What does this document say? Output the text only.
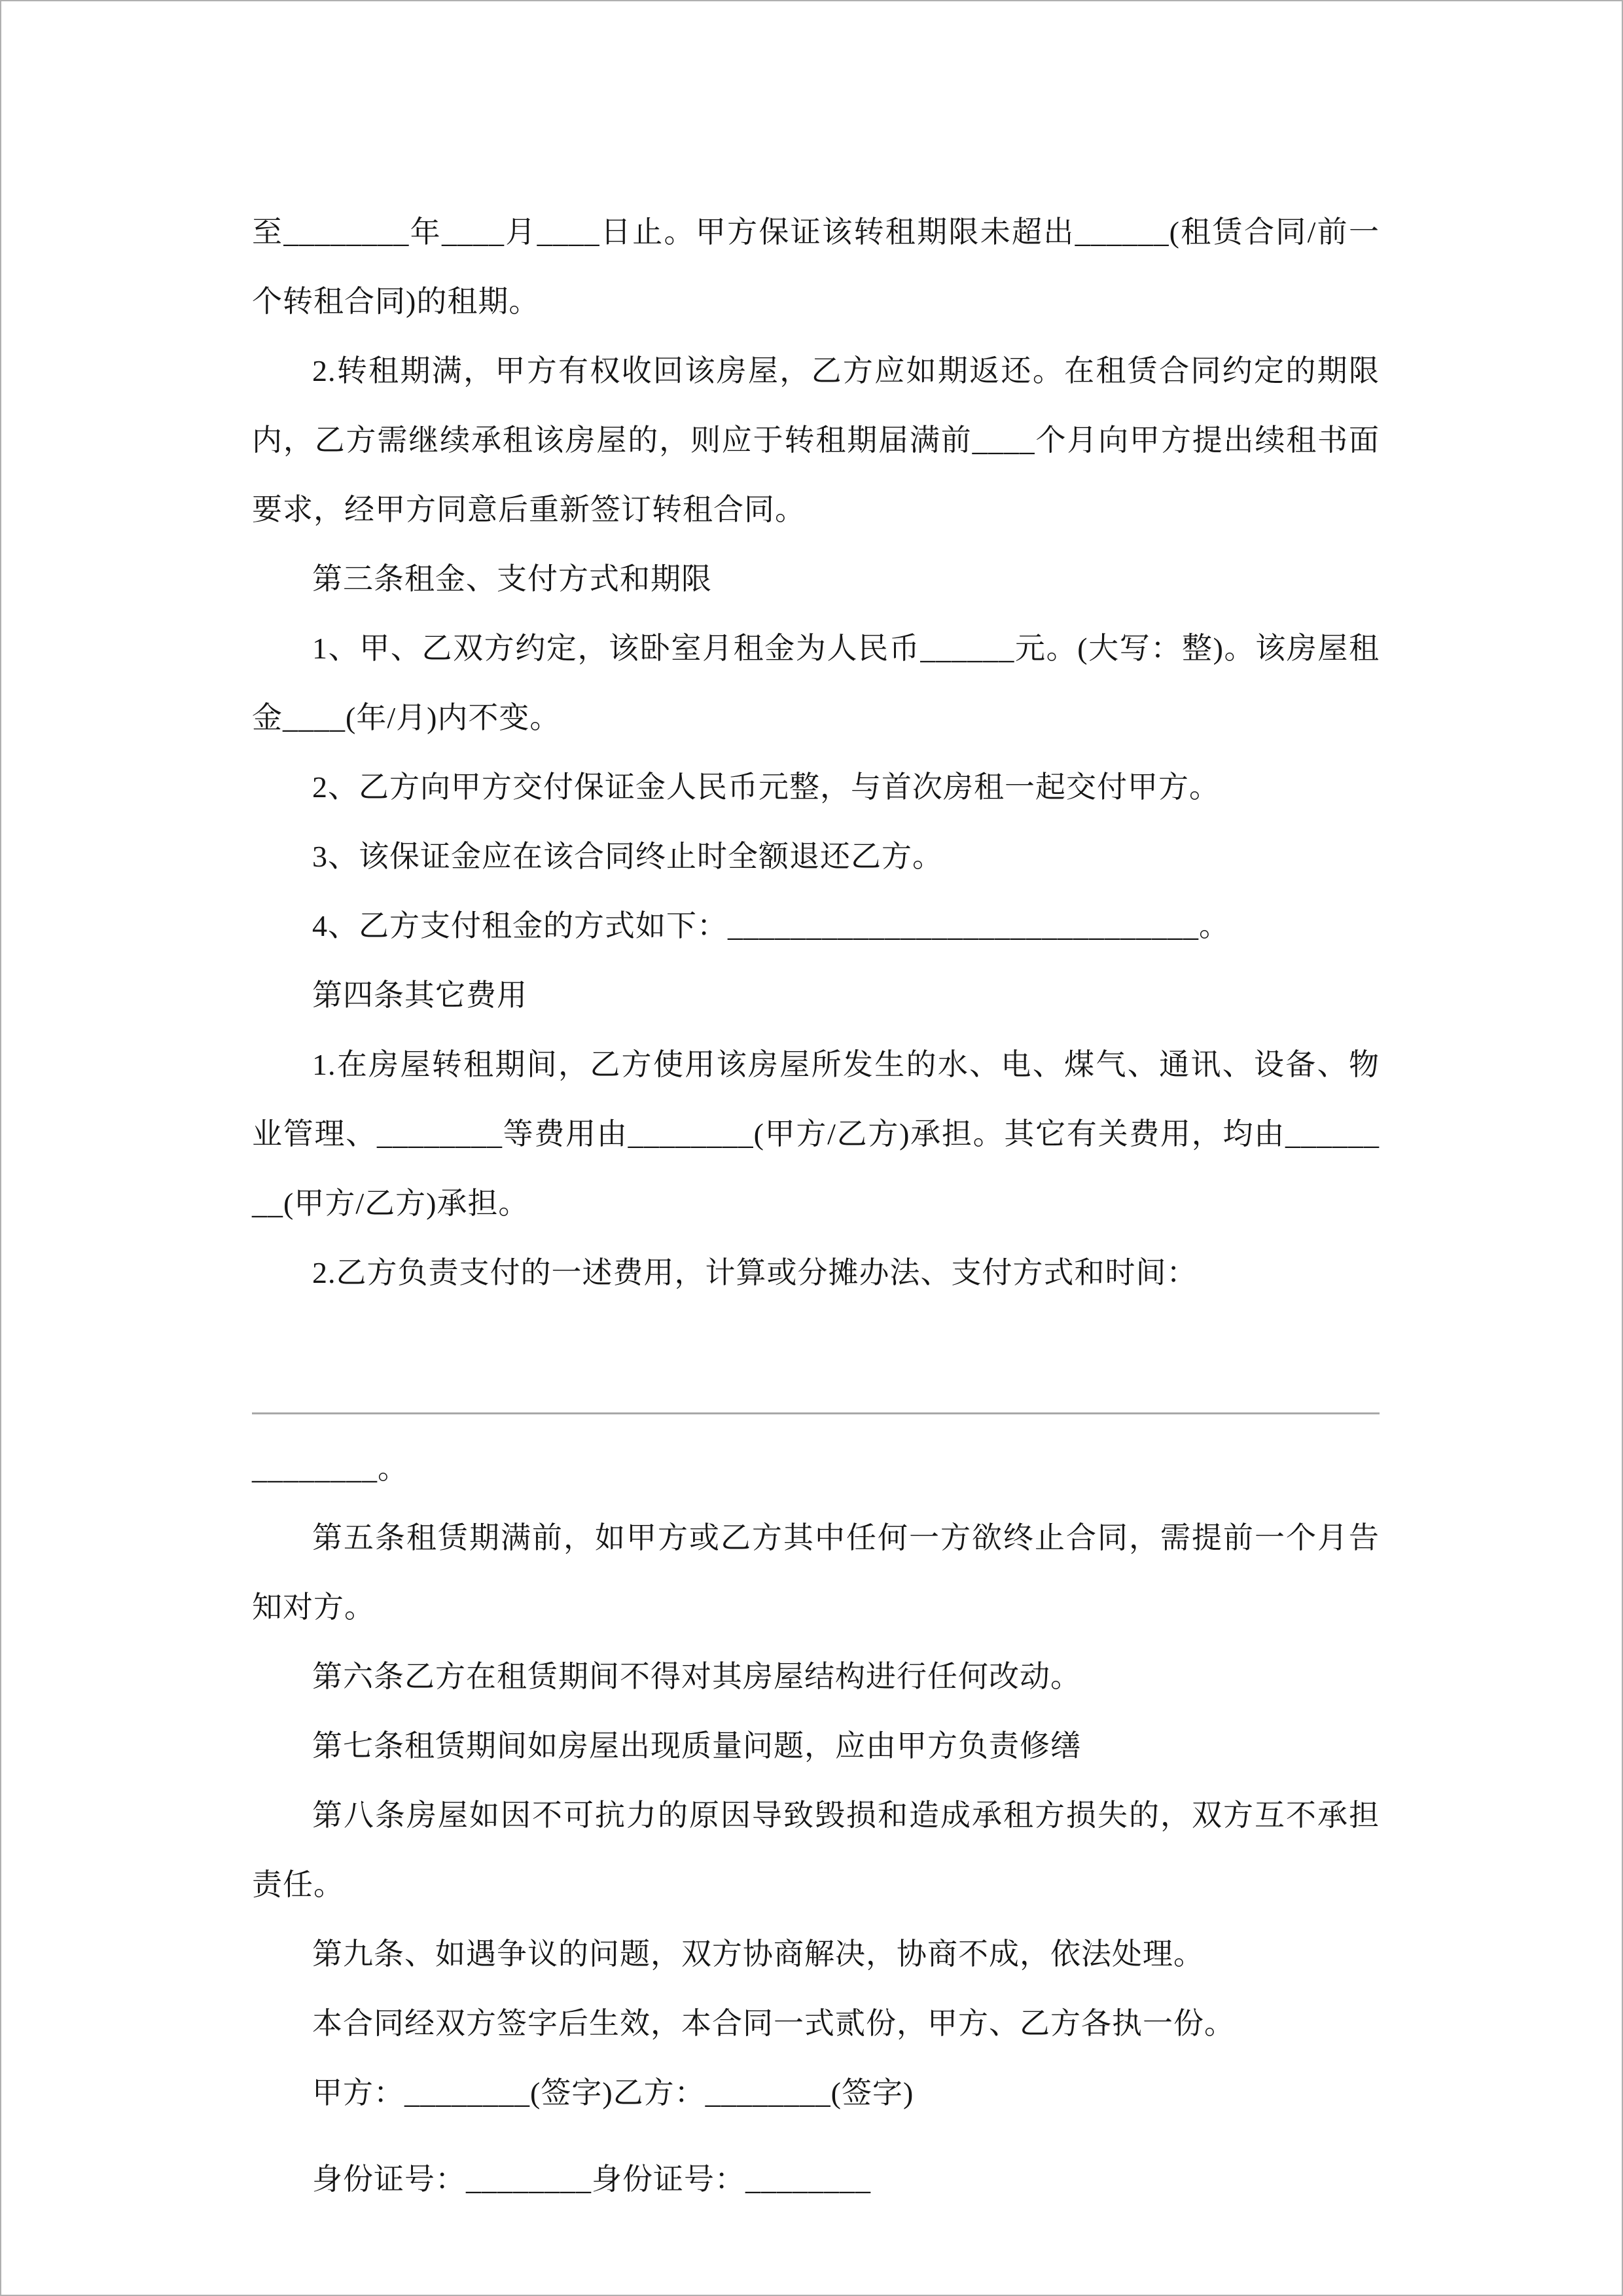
至________年____月____日止。甲方保证该转租期限未超出______(租赁合同/前一个转租合同)的租期。

2.转租期满，甲方有权收回该房屋，乙方应如期返还。在租赁合同约定的期限内，乙方需继续承租该房屋的，则应于转租期届满前____个月向甲方提出续租书面要求，经甲方同意后重新签订转租合同。

第三条租金、支付方式和期限

1、甲、乙双方约定，该卧室月租金为人民币______元。(大写：整)。该房屋租金____(年/月)内不变。

2、乙方向甲方交付保证金人民币元整，与首次房租一起交付甲方。

3、该保证金应在该合同终止时全额退还乙方。

4、乙方支付租金的方式如下：______________________________。

第四条其它费用

1.在房屋转租期间，乙方使用该房屋所发生的水、电、煤气、通讯、设备、物业管理、________等费用由________(甲方/乙方)承担。其它有关费用，均由________(甲方/乙方)承担。

2.乙方负责支付的一述费用，计算或分摊办法、支付方式和时间：

________。

第五条租赁期满前，如甲方或乙方其中任何一方欲终止合同，需提前一个月告知对方。

第六条乙方在租赁期间不得对其房屋结构进行任何改动。

第七条租赁期间如房屋出现质量问题，应由甲方负责修缮

第八条房屋如因不可抗力的原因导致毁损和造成承租方损失的，双方互不承担责任。

第九条、如遇争议的问题，双方协商解决，协商不成，依法处理。

本合同经双方签字后生效，本合同一式贰份，甲方、乙方各执一份。

甲方：________(签字)乙方：________(签字)

身份证号：________身份证号：________
